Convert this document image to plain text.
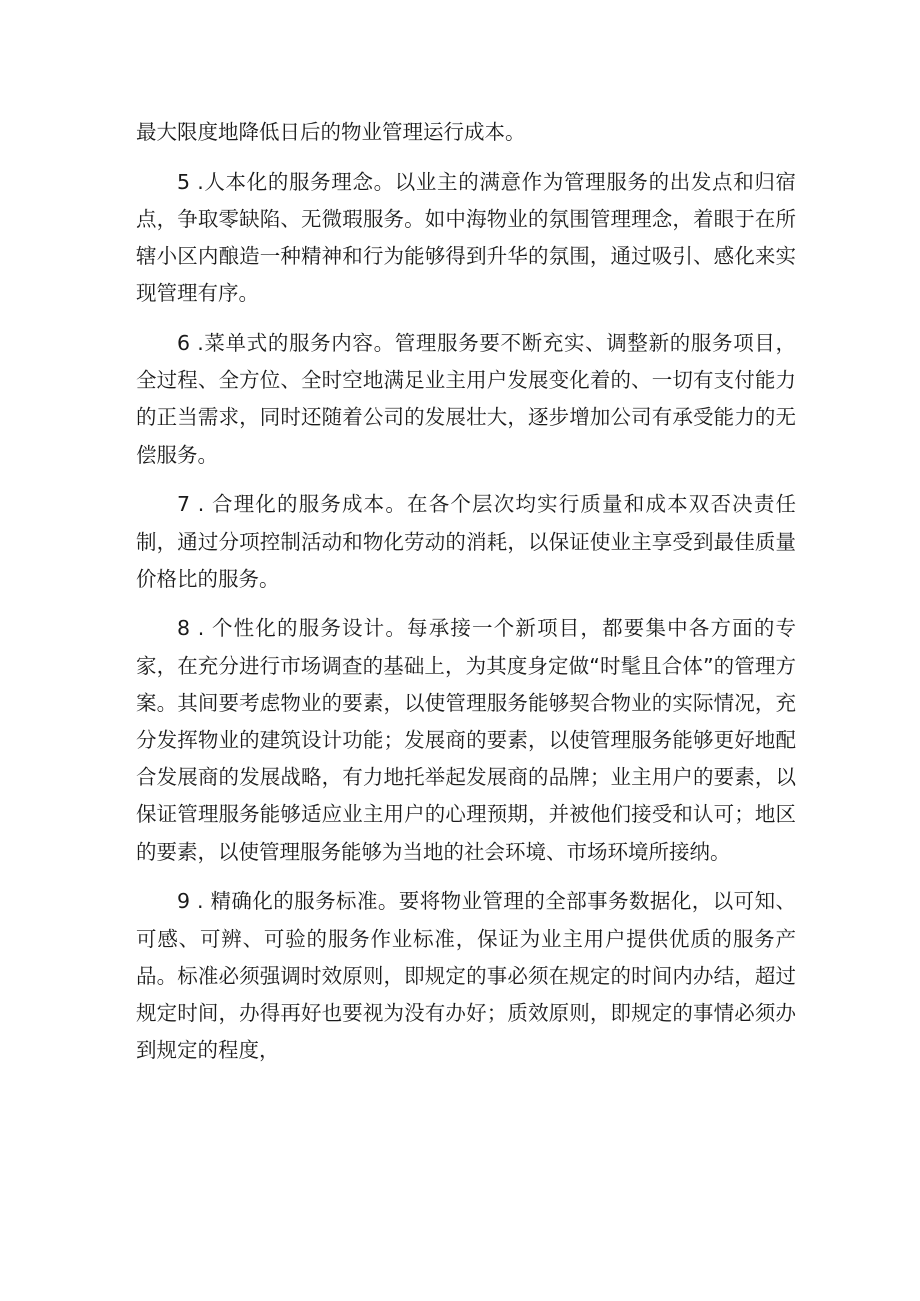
最大限度地降低日后的物业管理运行成本。

5 .人本化的服务理念。以业主的满意作为管理服务的出发点和归宿点，争取零缺陷、无微瑕服务。如中海物业的氛围管理理念，着眼于在所辖小区内酿造一种精神和行为能够得到升华的氛围，通过吸引、感化来实现管理有序。

6 .菜单式的服务内容。管理服务要不断充实、调整新的服务项目，全过程、全方位、全时空地满足业主用户发展变化着的、一切有支付能力的正当需求，同时还随着公司的发展壮大，逐步增加公司有承受能力的无偿服务。

7 . 合理化的服务成本。在各个层次均实行质量和成本双否决责任制，通过分项控制活动和物化劳动的消耗，以保证使业主享受到最佳质量价格比的服务。

8 . 个性化的服务设计。每承接一个新项目，都要集中各方面的专家，在充分进行市场调查的基础上，为其度身定做“时髦且合体”的管理方案。其间要考虑物业的要素，以使管理服务能够契合物业的实际情况，充分发挥物业的建筑设计功能；发展商的要素，以使管理服务能够更好地配合发展商的发展战略，有力地托举起发展商的品牌；业主用户的要素，以保证管理服务能够适应业主用户的心理预期，并被他们接受和认可；地区的要素，以使管理服务能够为当地的社会环境、市场环境所接纳。

9 . 精确化的服务标准。要将物业管理的全部事务数据化，以可知、可感、可辨、可验的服务作业标准，保证为业主用户提供优质的服务产品。标准必须强调时效原则，即规定的事必须在规定的时间内办结，超过规定时间，办得再好也要视为没有办好；质效原则，即规定的事情必须办到规定的程度，
